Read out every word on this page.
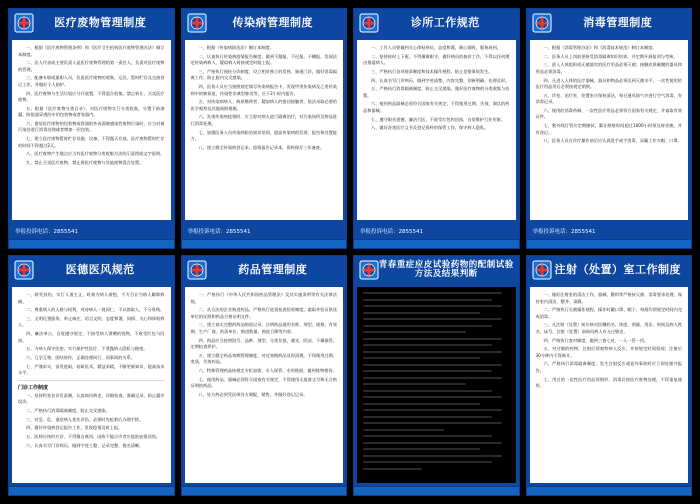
医疗废物管理制度

一、根据《医疗废物管理条例》和《医疗卫生机构医疗废物管理办法》制订本制度。

二、法人代表或主要负责人是医疗废物管理的第一责任人，负责对医疗废物的管理。

三、配备专职或兼职人员，负责医疗废物的收集、运送、暂时贮存及交接登记工作，并做好个人防护。

四、医疗废物与生活垃圾应分开放置，不得混合收集，禁止转让、买卖医疗废物。

五、根据《医疗废物分类目录》，对医疗废物实行分类收集，分置于防渗漏、防锐器穿透的专用包装物或者容器内。

六、盛装医疗废物的包装物或容器的外表面被感染性废物污染时，应当对被污染处进行消毒处理或者增加一层包装。

七、建立医疗废物暂时贮存设施、设备，不得露天存放，医疗废物暂时贮存的时间不得超过2天。

八、医疗废物产生地点应当有医疗废物分类收集方法的示意图或文字说明。

九、禁止买卖医疗废物，禁止将医疗废物与其他废物混合处置。

举报投诉电话：2855541
传染病管理制度

一、根据《传染病防治法》制订本制度。

二、认真执行传染病疫情报告制度，做到不漏报、不迟报、不瞒报，发现法定传染病病人、疑似病人时按规定时限上报。

三、严格执行预检分诊制度，设立相对独立的发热、肠道门诊，做好消毒隔离工作，防止院内交叉感染。

四、医务人员应当按照规定填写传染病报告卡，发现甲类传染病及乙类传染病中的肺炭疽、传染性非典型肺炎等，应于2小时内报告。

五、对传染病病人、病原携带者、疑似病人的密切接触者，依法采取必要的医学观察及其他预防措施。

六、发现传染病疫情时，应立即对病人进行隔离治疗，对污染场所及物品进行消毒处理。

七、加强医务人员传染病防治知识培训，提高传染病的发现、报告和处置能力。

八、建立健全传染病登记本、疫情报告记录本，资料保存三年备查。

举报投诉电话：2855541
诊所工作规范

一、工作人员要做到关心体贴病员，态度和蔼，耐心细致，服务周到。

二、坚持按时上下班，不得擅离职守，做好病员的接诊工作，不得以任何理由推诿病人。

三、严格执行各项规章制度和技术操作规程，防止差错事故发生。

四、认真书写门诊病历，做到字迹清楚、内容完整、诊断明确、处理及时。

五、严格执行消毒隔离制度，防止交叉感染，做好医疗废物的分类收集与处置。

六、使用药品器械必须符合国家有关规定，不得使用过期、失效、淘汰的药品和器械。

七、遵守职业道德，廉洁行医，不收受红包和回扣，自觉维护行业形象。

八、做好各类医疗文书及登记资料的保管工作，保守病人隐私。

举报投诉电话：2855541
消毒管理制度

一、根据《消毒管理办法》和《消毒技术规范》制订本制度。

二、医务人员上岗前须接受消毒隔离知识培训，并定期开展复训与考核。

三、进入人体组织或无菌器官的医疗用品必须灭菌；接触皮肤黏膜的器具和用品必须消毒。

四、凡进入人体的医疗器械、器具和物品必须达到灭菌水平，一次性使用的医疗用品用后必须按规定销毁。

五、诊室、治疗室、处置室应保持清洁，每日通风换气并进行空气消毒，有消毒记录。

六、使用的消毒药械、一次性医疗用品必须符合国家有关规定，并索取有效证件。

七、紫外线灯管应定期擦拭，累计照射时间超过1000小时须及时更换，并有登记。

八、医务人员在诊疗操作前后应认真洗手或手消毒，穿戴工作衣帽、口罩。

举报投诉电话：2855541
医德医风规范

一、救死扶伤，实行人道主义，时刻为病人着想，千方百计为病人解除病痛。

二、尊重病人的人格与权利，对待病人一视同仁，不以貌取人，不分贵贱。

三、文明礼貌服务，举止端庄，语言文明，态度和蔼，同情、关心和体贴病人。

四、廉洁奉公，自觉遵守规定，不接受病人馈赠的钱物，不收受红包与回扣。

五、为病人保守医密，实行保护性医疗，不泄露病人隐私与秘密。

六、互学互尊，团结协作，正确处理同行、同事间的关系。

七、严谨求实，奋发进取，钻研医术，精益求精，不断更新知识、提高技术水平。

门诊工作制度

一、坚持科室首诊负责制，认真询问病史，详细检查，准确记录，防止漏诊误诊。

二、严格执行消毒隔离制度，防止交叉感染。

三、对急、危、重症病人优先诊治，必要时先抢救后办理手续。

四、做好传染病登记报告工作，发现疫情及时上报。

五、医师应按时应诊，不得擅自离岗，因故不能应诊者应提前安排顶岗。

六、认真书写门诊病历，做到字迹工整、记录完整、签名清晰。

药品管理制度

一、严格执行《中华人民共和国药品管理法》及其实施条例等有关法律法规。

二、从合法的企业购进药品，严格执行进货检查验收制度，索取并验证供货单位的证照和药品合格证明文件。

三、建立真实完整的药品购进记录，注明药品通用名称、剂型、规格、有效期、生产厂商、供货单位、购进数量、购进日期等内容。

四、药品应当按照批号、品种、剂型、分类存放，避光、阴凉、干燥保管，定期检查养护。

五、建立健全药品效期管理制度，对近效期药品及时清理，不得使用过期、变质、失效药品。

六、特殊管理药品按规定专柜加锁、专人保管、专用账册，做到账物相符。

七、使用药品、器械必须符合国家有关规定，不得使用无批准文号和无合格证明的药品。

八、处方药必须凭医师处方调配、销售，并做好登记记录。

青春重症应皮试验药物的配制试验方法及结果判断	注射（处置）室工作制度

一、做好注射室的清洁工作，器械、敷料等严格按灭菌、消毒要求处理，保持室内清洁、整齐、肃静。

二、严格执行无菌操作规程，操作时戴口罩、帽子，每班均须规定时间内完成消毒。

三、凡注射（处置）前应核对医嘱药名、浓度、剂量、用法、时间及病人姓名、床号，注射（处置）前询问病人有无过敏史。

四、严格执行查对制度，做到三查七对，一人一管一用。

五、对过敏的药物，注射后须观察病人反应，并按规定时间留观；注射后30分钟内不得离开。

六、严格执行消毒隔离制度，发生注射反应或意外事故时应立即处理并报告。

七、用过的一次性医疗用品须毁形、消毒后按医疗废物处理，不得重复使用。
